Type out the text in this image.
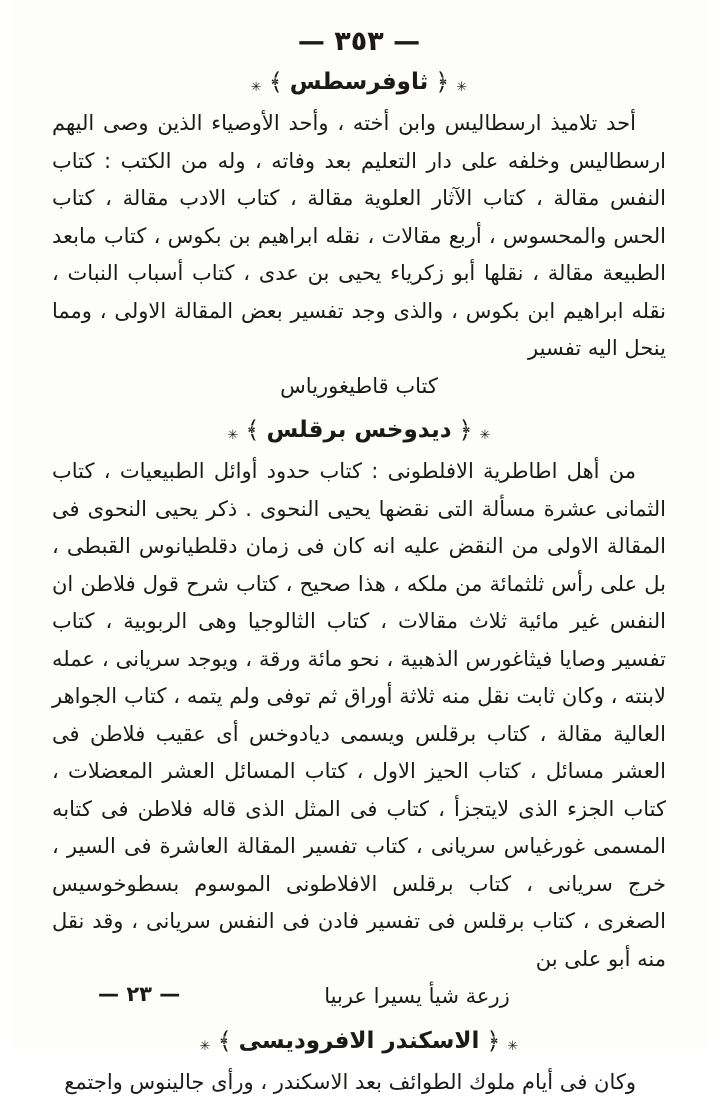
— ٣٥٣ —
✳
﴿
ثاوفرسطس
﴾
✳

أحد تلاميذ ارسطاليس وابن أخته ، وأحد الأوصياء الذين وصى اليهم ارسطاليس وخلفه على دار التعليم بعد وفاته ، وله من الكتب : كتاب النفس مقالة ، كتاب الآثار العلوية مقالة ، كتاب الادب مقالة ، كتاب الحس والمحسوس ، أربع مقالات ، نقله ابراهيم بن بكوس ، كتاب مابعد الطبيعة مقالة ، نقلها أبو زكرياء يحيى بن عدى ، كتاب أسباب النبات ، نقله ابراهيم ابن بكوس ، والذى وجد تفسير بعض المقالة الاولى ، ومما ينحل اليه تفسير

كتاب قاطيغورياس
✳
﴿
ديدوخس برقلس
﴾
✳

من أهل اطاطرية الافلطونى : كتاب حدود أوائل الطبيعيات ، كتاب الثمانى عشرة مسألة التى نقضها يحيى النحوى . ذكر يحيى النحوى فى المقالة الاولى من النقض عليه انه كان فى زمان دقلطيانوس القبطى ، بل على رأس ثلثمائة من ملكه ، هذا صحيح ، كتاب شرح قول فلاطن ان النفس غير مائية ثلاث مقالات ، كتاب الثالوجيا وهى الربوبية ، كتاب تفسير وصايا فيثاغورس الذهبية ، نحو مائة ورقة ، ويوجد سريانى ، عمله لابنته ، وكان ثابت نقل منه ثلاثة أوراق ثم توفى ولم يتمه ، كتاب الجواهر العالية مقالة ، كتاب برقلس ويسمى ديادوخس أى عقيب فلاطن فى العشر مسائل ، كتاب الحيز الاول ، كتاب المسائل العشر المعضلات ، كتاب الجزء الذى لايتجزأ ، كتاب فى المثل الذى قاله فلاطن فى كتابه المسمى غورغياس سريانى ، كتاب تفسير المقالة العاشرة فى السير ، خرج سريانى ، كتاب برقلس الافلاطونى الموسوم بسطوخوسيس الصغرى ، كتاب برقلس فى تفسير فادن فى النفس سريانى ، وقد نقل منه أبو على بن

زرعة شيأ يسيرا عربيا
✳
﴿
الاسكندر الافروديسى
﴾
✳

وكان فى أيام ملوك الطوائف بعد الاسكندر ، ورأى جالينوس واجتمع

— ٢٣ —
